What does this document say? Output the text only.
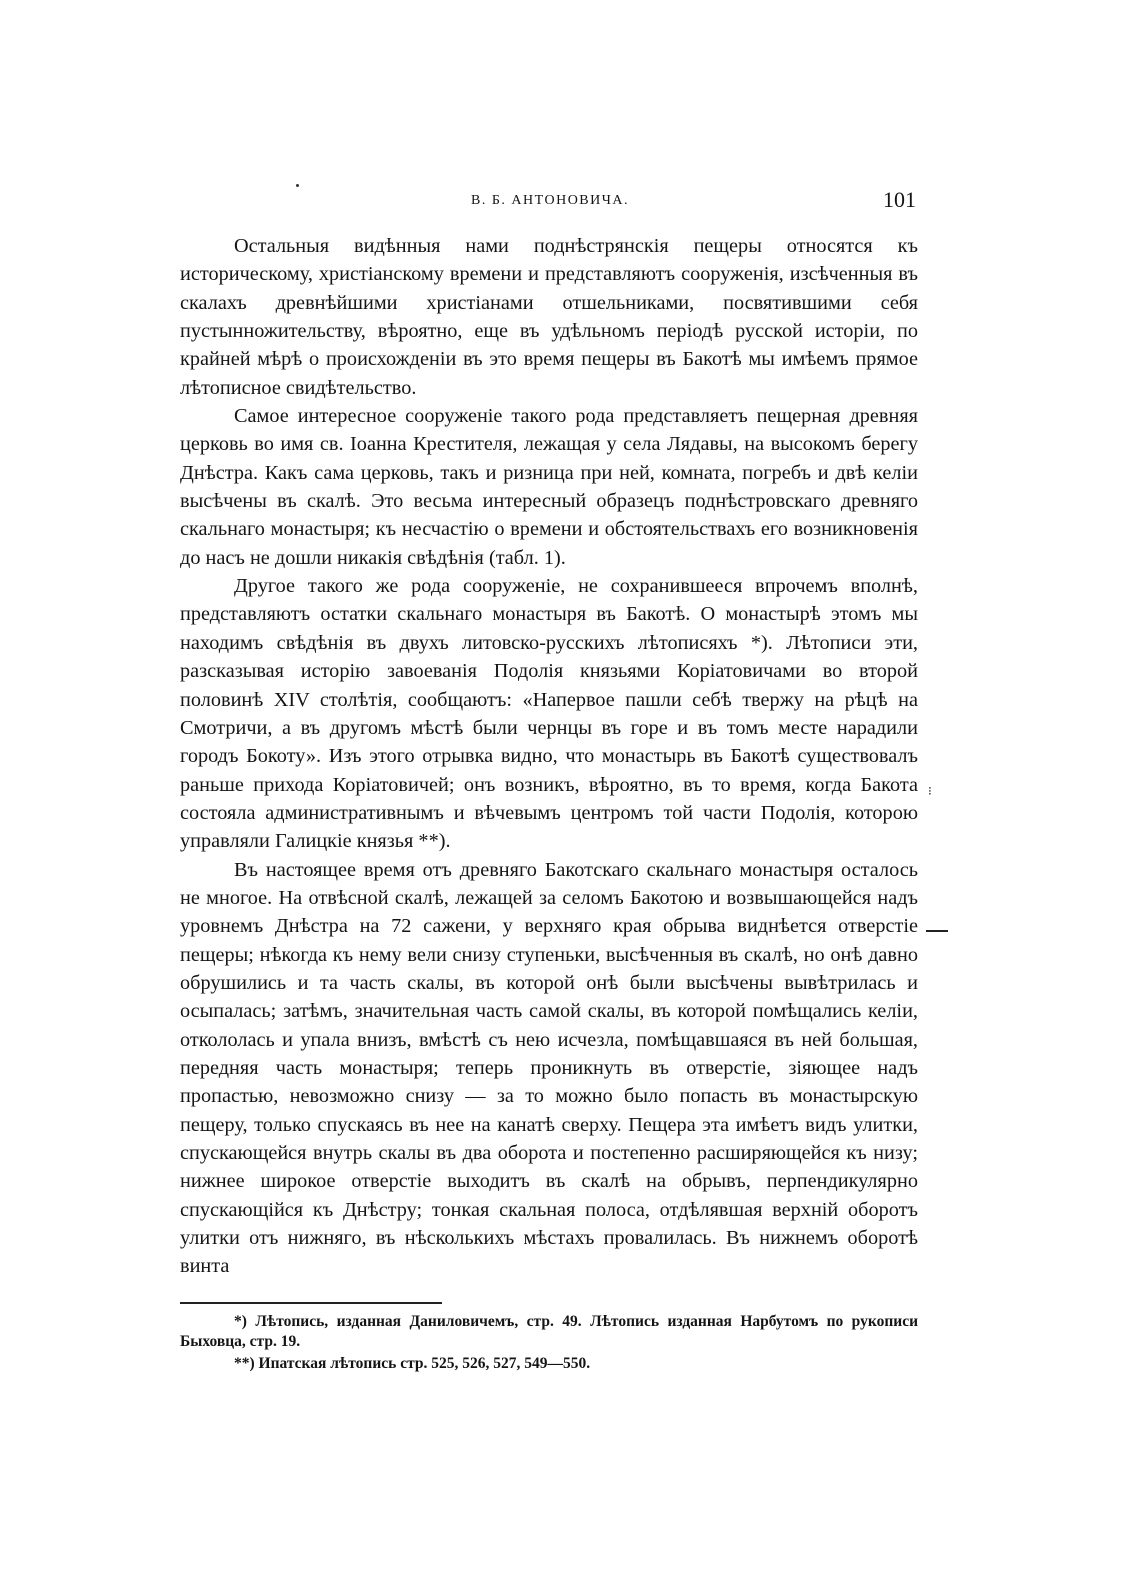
В. Б. АНТОНОВИЧА.	101

Остальныя видѣнныя нами поднѣстрянскія пещеры относятся къ историческому, христіанскому времени и представляютъ сооруженія, изсѣченныя въ скалахъ древнѣйшими христіанами отшельниками, посвятившими себя пустынножительству, вѣроятно, еще въ удѣльномъ періодѣ русской исторіи, по крайней мѣрѣ о происхожденіи въ это время пещеры въ Бакотѣ мы имѣемъ прямое лѣтописное свидѣтельство.

Самое интересное сооруженіе такого рода представляетъ пещерная древняя церковь во имя св. Іоанна Крестителя, лежащая у села Лядавы, на высокомъ берегу Днѣстра. Какъ сама церковь, такъ и ризница при ней, комната, погребъ и двѣ келіи высѣчены въ скалѣ. Это весьма интересный образецъ поднѣстровскаго древняго скальнаго монастыря; къ несчастію о времени и обстоятельствахъ его возникновенія до насъ не дошли никакія свѣдѣнія (табл. 1).

Другое такого же рода сооруженіе, не сохранившееся впрочемъ вполнѣ, представляютъ остатки скальнаго монастыря въ Бакотѣ. О монастырѣ этомъ мы находимъ свѣдѣнія въ двухъ литовско-русскихъ лѣтописяхъ *). Лѣтописи эти, разсказывая исторію завоеванія Подолія князьями Коріатовичами во второй половинѣ XIV столѣтія, сообщаютъ: «Напервое пашли себѣ твержу на рѣцѣ на Смотричи, а въ другомъ мѣстѣ были чернцы въ горе и въ томъ месте нарадили городъ Бокоту». Изъ этого отрывка видно, что монастырь въ Бакотѣ существовалъ раньше прихода Коріатовичей; онъ возникъ, вѣроятно, въ то время, когда Бакота состояла административнымъ и вѣчевымъ центромъ той части Подолія, которою управляли Галицкіе князья **).

Въ настоящее время отъ древняго Бакотскаго скальнаго монастыря осталось не многое. На отвѣсной скалѣ, лежащей за селомъ Бакотою и возвышающейся надъ уровнемъ Днѣстра на 72 сажени, у верхняго края обрыва виднѣется отверстіе пещеры; нѣкогда къ нему вели снизу ступеньки, высѣченныя въ скалѣ, но онѣ давно обрушились и та часть скалы, въ которой онѣ были высѣчены вывѣтрилась и осыпалась; затѣмъ, значительная часть самой скалы, въ которой помѣщались келіи, откололась и упала внизъ, вмѣстѣ съ нею исчезла, помѣщавшаяся въ ней большая, передняя часть монастыря; теперь проникнуть въ отверстіе, зіяющее надъ пропастью, невозможно снизу — за то можно было попасть въ монастырскую пещеру, только спускаясь въ нее на канатѣ сверху. Пещера эта имѣетъ видъ улитки, спускающейся внутрь скалы въ два оборота и постепенно расширяющейся къ низу; нижнее широкое отверстіе выходитъ въ скалѣ на обрывъ, перпендикулярно спускающійся къ Днѣстру; тонкая скальная полоса, отдѣлявшая верхній оборотъ улитки отъ нижняго, въ нѣсколькихъ мѣстахъ провалилась. Въ нижнемъ оборотѣ винта

⁝

*) Лѣтопись, изданная Даниловичемъ, стр. 49. Лѣтопись изданная Нарбутомъ по рукописи Быховца, стр. 19.

**) Ипатская лѣтопись стр. 525, 526, 527, 549—550.
